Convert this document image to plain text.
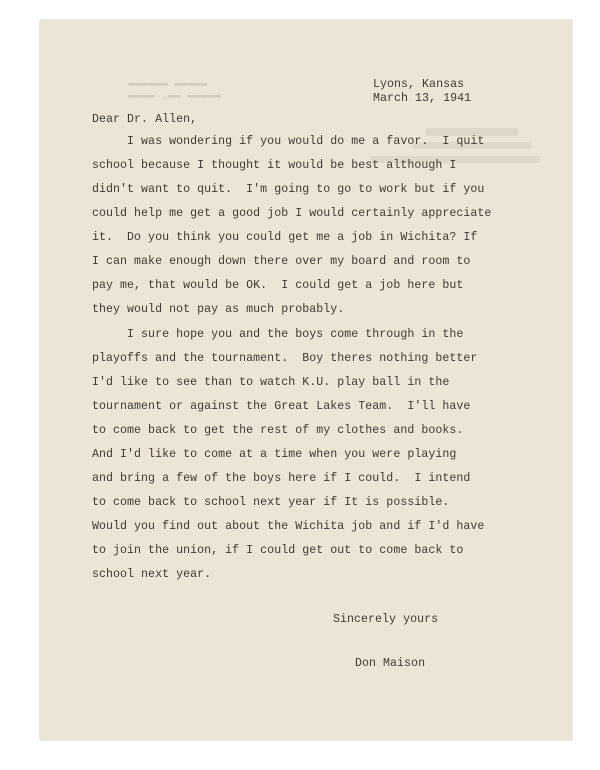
▬▬▬▬▬ ▬▬▬▬▬▬
▬▬▬▬▬ ▬▬, ▬▬▬▬
Lyons, Kansas
March 13, 1941
Dear Dr. Allen,
I was wondering if you would do me a favor.  I quit
school because I thought it would be best although I
didn't want to quit.  I'm going to go to work but if you
could help me get a good job I would certainly appreciate
it.  Do you think you could get me a job in Wichita? If
I can make enough down there over my board and room to
pay me, that would be OK.  I could get a job here but
they would not pay as much probably.
I sure hope you and the boys come through in the
playoffs and the tournament.  Boy theres nothing better
I'd like to see than to watch K.U. play ball in the
tournament or against the Great Lakes Team.  I'll have
to come back to get the rest of my clothes and books.
And I'd like to come at a time when you were playing
and bring a few of the boys here if I could.  I intend
to come back to school next year if It is possible.
Would you find out about the Wichita job and if I'd have
to join the union, if I could get out to come back to
school next year.
Sincerely yours
Don Maison
